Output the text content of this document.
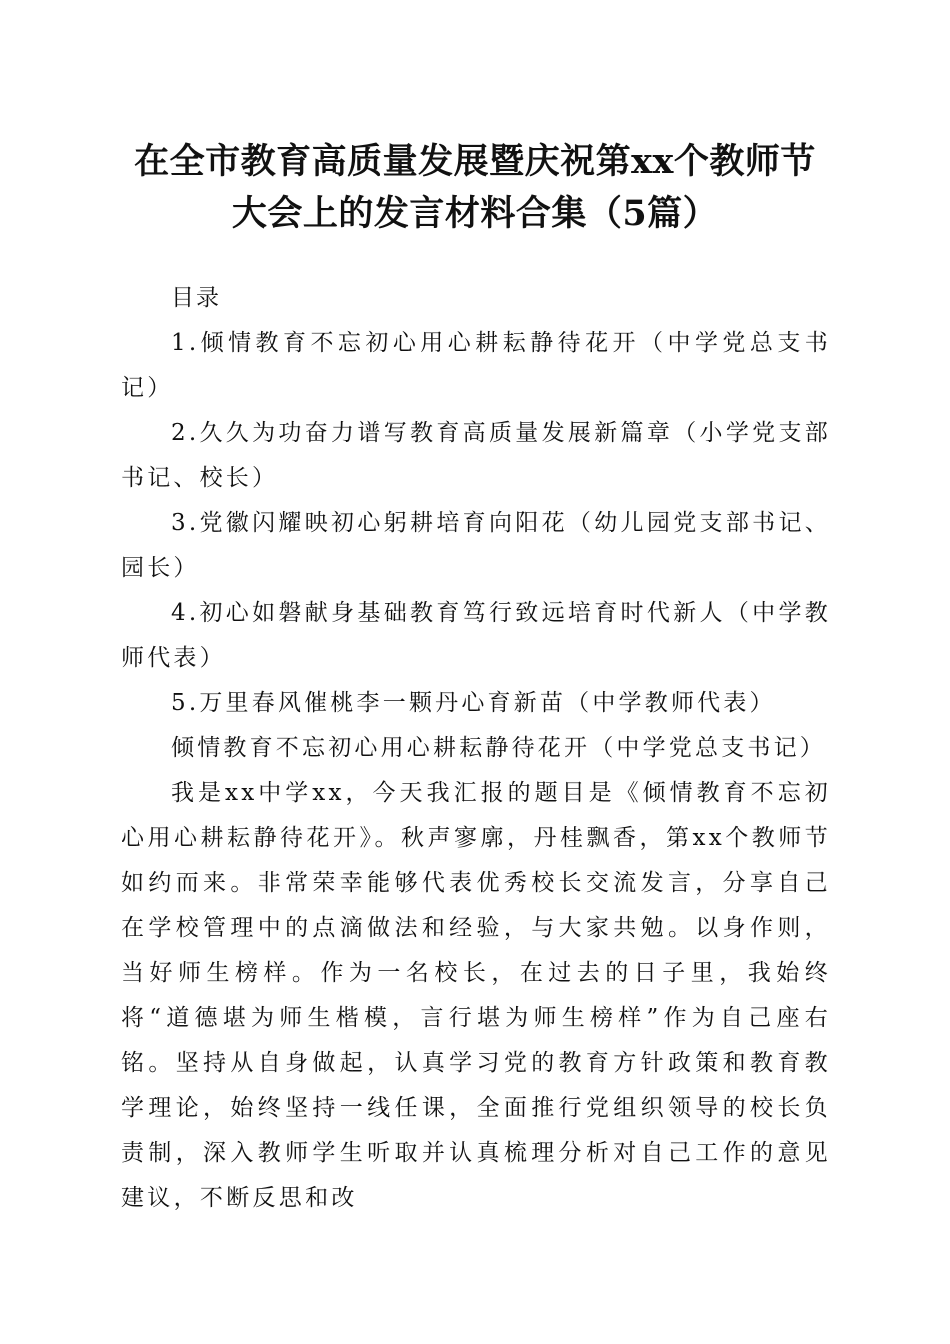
在全市教育高质量发展暨庆祝第xx个教师节
大会上的发言材料合集（5篇）

目录

1.倾情教育不忘初心用心耕耘静待花开（中学党总支书记）

2.久久为功奋力谱写教育高质量发展新篇章（小学党支部书记、校长）

3.党徽闪耀映初心躬耕培育向阳花（幼儿园党支部书记、园长）

4.初心如磐献身基础教育笃行致远培育时代新人（中学教师代表）

5.万里春风催桃李一颗丹心育新苗（中学教师代表）

倾情教育不忘初心用心耕耘静待花开（中学党总支书记）

我是xx中学xx，今天我汇报的题目是《倾情教育不忘初心用心耕耘静待花开》。秋声寥廓，丹桂飘香，第xx个教师节如约而来。非常荣幸能够代表优秀校长交流发言，分享自己在学校管理中的点滴做法和经验，与大家共勉。以身作则，当好师生榜样。作为一名校长，在过去的日子里，我始终将“道德堪为师生楷模，言行堪为师生榜样”作为自己座右铭。坚持从自身做起，认真学习党的教育方针政策和教育教学理论，始终坚持一线任课，全面推行党组织领导的校长负责制，深入教师学生听取并认真梳理分析对自己工作的意见建议，不断反思和改
